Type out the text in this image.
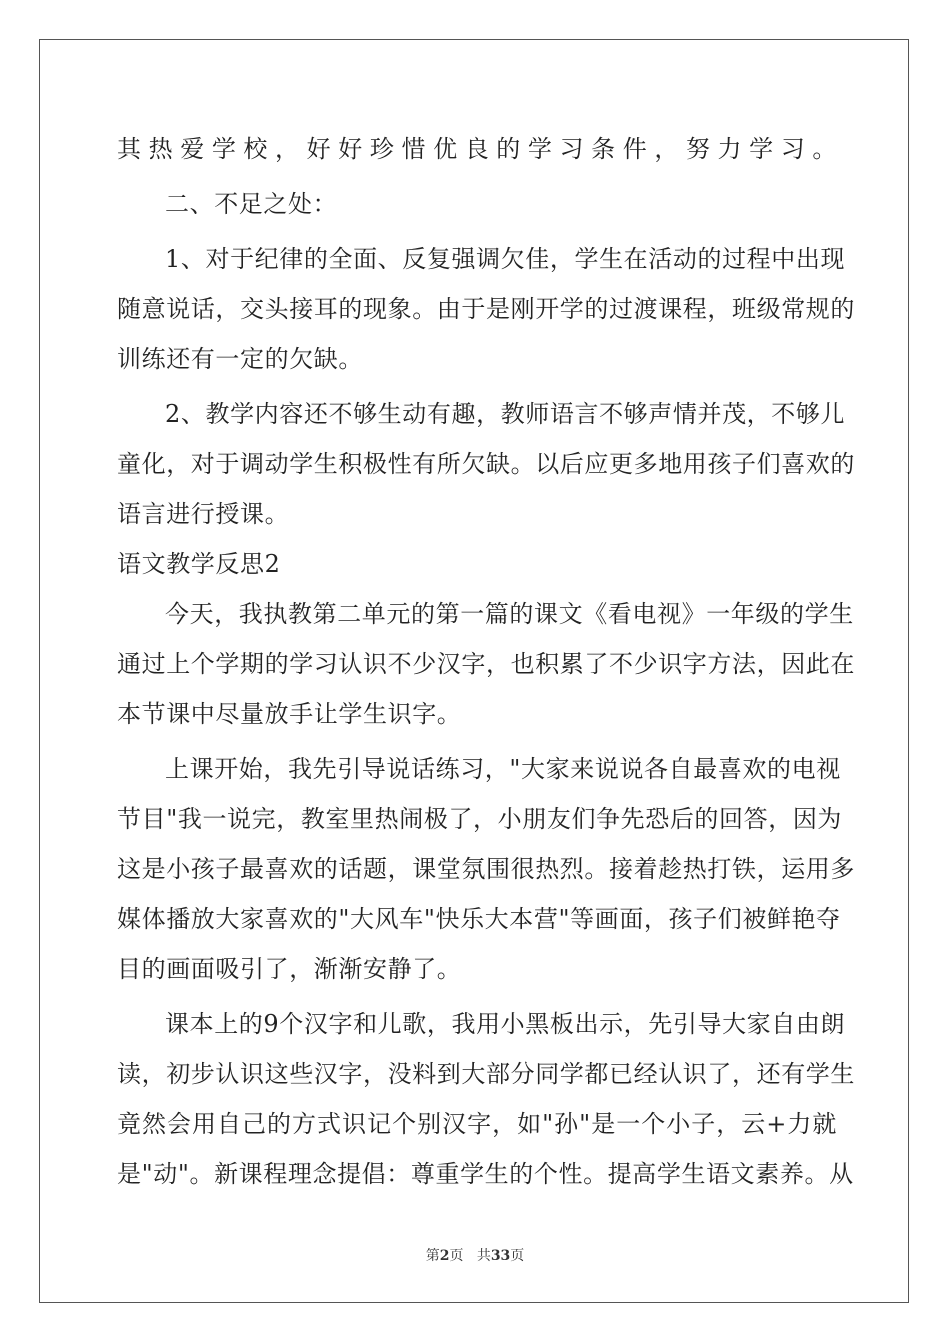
其热爱学校，好好珍惜优良的学习条件，努力学习。
二、不足之处：
1、对于纪律的全面、反复强调欠佳，学生在活动的过程中出现
随意说话，交头接耳的现象。由于是刚开学的过渡课程，班级常规的
训练还有一定的欠缺。
2、教学内容还不够生动有趣，教师语言不够声情并茂，不够儿
童化，对于调动学生积极性有所欠缺。以后应更多地用孩子们喜欢的
语言进行授课。
语文教学反思2
今天，我执教第二单元的第一篇的课文《看电视》一年级的学生
通过上个学期的学习认识不少汉字，也积累了不少识字方法，因此在
本节课中尽量放手让学生识字。
上课开始，我先引导说话练习，"大家来说说各自最喜欢的电视
节目"我一说完，教室里热闹极了，小朋友们争先恐后的回答，因为
这是小孩子最喜欢的话题，课堂氛围很热烈。接着趁热打铁，运用多
媒体播放大家喜欢的"大风车"快乐大本营"等画面，孩子们被鲜艳夺
目的画面吸引了，渐渐安静了。
课本上的9个汉字和儿歌，我用小黑板出示，先引导大家自由朗
读，初步认识这些汉字，没料到大部分同学都已经认识了，还有学生
竟然会用自己的方式识记个别汉字，如"孙"是一个小子，云+力就
是"动"。新课程理念提倡：尊重学生的个性。提高学生语文素养。从
第2页 共33页
